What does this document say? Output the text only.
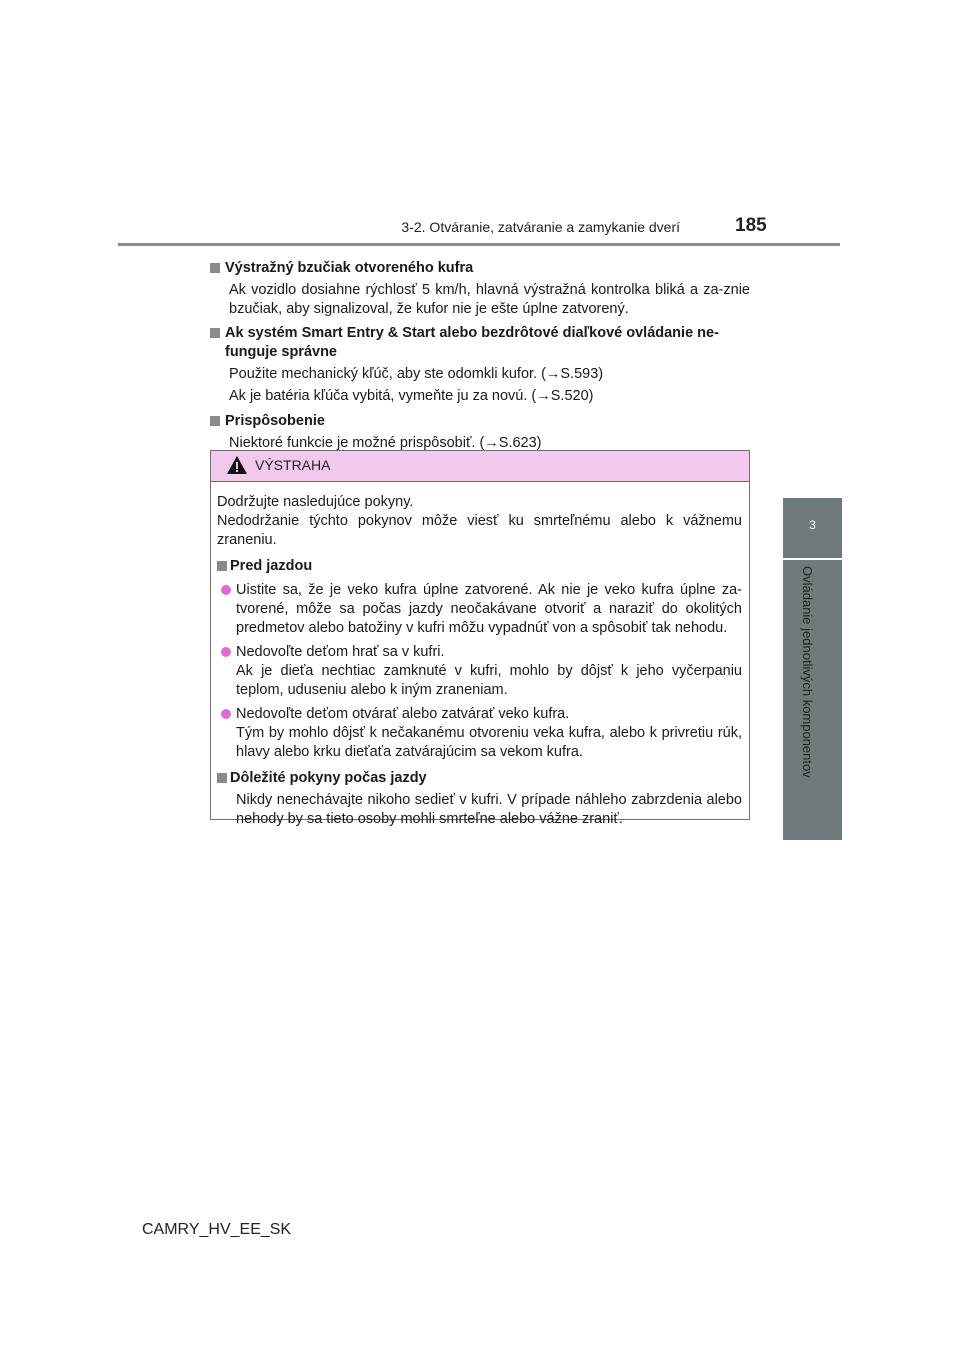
3-2. Otváranie, zatváranie a zamykanie dverí	185
3
Ovládanie jednotlivých komponentov
Výstražný bzučiak otvoreného kufra
Ak vozidlo dosiahne rýchlosť 5 km/h, hlavná výstražná kontrolka bliká a za-znie bzučiak, aby signalizoval, že kufor nie je ešte úplne zatvorený.
Ak systém Smart Entry & Start alebo bezdrôtové diaľkové ovládanie ne-funguje správne
Použite mechanický kľúč, aby ste odomkli kufor. (→S.593)
Ak je batéria kľúča vybitá, vymeňte ju za novú. (→S.520)
Prispôsobenie
Niektoré funkcie je možné prispôsobiť. (→S.623)
VÝSTRAHA
Dodržujte nasledujúce pokyny.
Nedodržanie týchto pokynov môže viesť ku smrteľnému alebo k vážnemu zraneniu.
Pred jazdou
Uistite sa, že je veko kufra úplne zatvorené. Ak nie je veko kufra úplne za-tvorené, môže sa počas jazdy neočakávane otvoriť a naraziť do okolitých predmetov alebo batožiny v kufri môžu vypadnúť von a spôsobiť tak nehodu.
Nedovoľte deťom hrať sa v kufri.
Ak je dieťa nechtiac zamknuté v kufri, mohlo by dôjsť k jeho vyčerpaniu teplom, uduseniu alebo k iným zraneniam.
Nedovoľte deťom otvárať alebo zatvárať veko kufra.
Tým by mohlo dôjsť k nečakanému otvoreniu veka kufra, alebo k privretiu rúk, hlavy alebo krku dieťaťa zatvárajúcim sa vekom kufra.
Dôležité pokyny počas jazdy
Nikdy nenechávajte nikoho sedieť v kufri. V prípade náhleho zabrzdenia alebo nehody by sa tieto osoby mohli smrteľne alebo vážne zraniť.
CAMRY_HV_EE_SK
